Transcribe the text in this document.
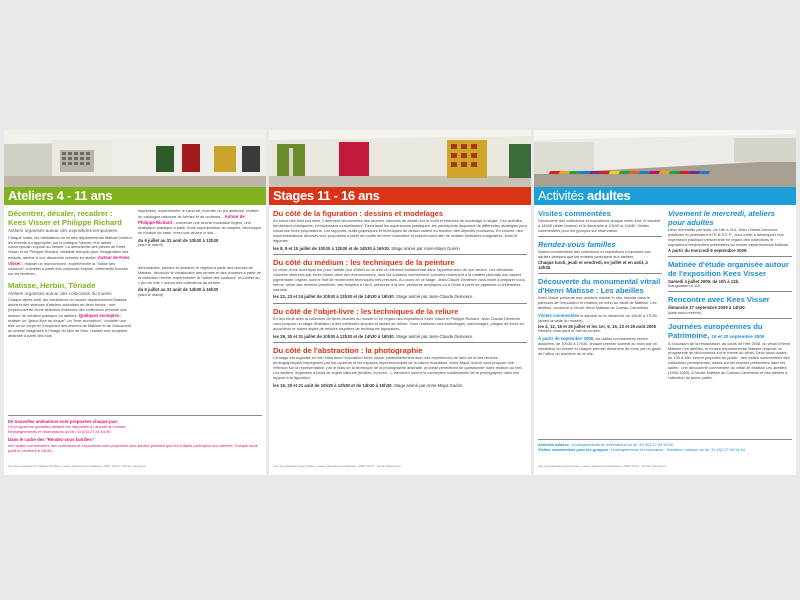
Ateliers 4 - 11 ans
Décentrer, décaler, recadrer : Kees Visser et Philippe Richard
Ateliers organisés autour des expositions temporaires
Chaque matin, les médiateurs du musée départemental Matisse invitent les enfants à s'approprier par la pratique l'œuvre d'un artiste contemporain exposé au musée. La découverte des pièces de Kees Visser et de Philippe Richard, véritable tremplin pour l'imagination des enfants, amène à une démarche créative en atelier. Autour de Kees Visser : réaliser un monochrome, expérimenter la "valise des couleurs", travailler à partir d'un protocole imposé, d'éléments trouvés sur les fenêtres...
Matisse, Herbin, Tériade
Ateliers organisés autour des collections du musée
Chaque après-midi, les médiateurs du musée départemental Matisse animent des séances d'ateliers articulées en deux temps : une (re)découverte d'une sélection d'œuvres des collections précède une séance de création plastique en ateliers. Quelques exemples : réaliser un "grand livre du cirque", un "livre-accordéon", modeler une tête ou un corps en s'inspirant des œuvres de Matisse et de Giacometti, un animal imaginaire à l'image du Mini de Miró, réaliser une sculpture abstraite à partir des bois
imprimées, expérimenter le Land art, inventer un jeu aléatoire, réaliser un catalogue raisonné de formes et de couleurs... Autour de Philippe Richard : concevoir une œuvre modulaire légère, une réalisation plastique à partir d'une superposition de calques, développer un module de base, créer une œuvre in situ...
du 6 juillet au 31 août de 10h30 à 12h30
(sauf le mardi)
débrodantes, peindre et dessiner le végétal à partir des œuvres de Matisse, découvrir le vocabulaire des formes et des couleurs à partir de la collection Herbin, expérimenter la "valise des couleurs" et s'initier au « jeu de l'oie » autour des collections du musée...
du 6 juillet au 31 août de 14h30 à 16h30
(sauf le mardi)
De nouvelles animations sont proposées chaque jour.
Un programme quotidien détaillé est disponible à l'accueil du musée.
Renseignements et réservations au tél. 03 (0)3 27 84 64 50
Dans le cadre des "Rendez-vous familles"
des visites commentées des collections et expositions sont proposées aux adultes pendant que les enfants participent aux ateliers. Chaque lundi, jeudi et vendredi à 14h30.
Vue de l'exposition de Philippe Richard, musée départemental Matisse, 2009. Photo : Florian Kleinefenn.
Stages 11 - 16 ans
Du côté de la figuration : dessins et modelages
Au cours des trois journées, il alternent découvertes des œuvres, séances de dessin sur le motif et séances de modelage à l'argile. Ces activités, étroitement imbriquées, s'enrichissent mutuellement. Favorisant les expériences plastiques, les participants disposent de différentes stratégies pour construire leurs propositions. Les supports, outils graphiques et techniques de dessin varient en fonction des objectifs poursuivis. En volume, des expérimentations diverses sont proposées à partir de motifs de terre chamottée et polychromes afin de réaliser bestiaires imaginaires, fruits et légumes.
les 8, 9 et 10 juillet de 10h30 à 12h30 et de 14h30 à 16h30. Stage animé par Anne-Maya Guérin
Du côté du médium : les techniques de la peinture
Le choix d'une technique est pour l'artiste (sur d'illiver ou la crée un élément fondamental dans l'appréhension de son œuvre. Les vibrations colorées obtenues par Kees Visser dans ses monochromes, dont les surfaces intensément colorées redonnent à la matière picturale son aspect pigmentaire originel, sont le fruit de recherches techniques très précises. Au cours de ce stage, Jean-Claude Demeure vous invite à préparer vous-même, selon des recettes primitives, des tempera à l'œuf, peintures à la cire, peintures acryliques ou à l'huile à partir de pigments et d'éléments naturels.
les 22, 23 et 24 juillet de 10h30 à 12h30 et de 14h30 à 16h30. Stage animé par Jean-Claude Demeure.
Du côté de l'objet-livre : les techniques de la reliure
En lien étroit avec la collection de livres illustrés du musée et en regard des expositions Kees Visser et Philippe Richard, Jean-Claude Demeure vous propose un stage d'initiation à des méthodes simples et faciles de reliure. Vous réaliserez des emboîtages, cartonnages, pliages de livres en accordéon et autres styles de reliures inspirées de techniques japonaises.
les 29, 30 et 31 juillet de 10h30 à 12h30 et de 14h30 à 16h30. Stage animé par Jean-Claude Demeure.
Du côté de l'abstraction : la photographie
Ce stage est organisé en lien étroit avec l'exposition Kees Visser, particulièrement avec ses expériences de land art et ses œuvres photographiques imprégnées par les couleurs et les espaces impressionnants de la nature islandaise. Anne-Maya Guérin vous propose une réflexion sur la représentation, par le biais de la technique de la photographie abstraite, procédé permettant de questionner notre relation au réel. Les ateliers, organisés à partir de sujets naturels (feuilles, écorces...), viendront nourrir la conception traditionnelle de la photographie dans son rapport à la figuration.
les 19, 20 et 21 août de 10h30 à 12h30 et de 14h30 à 16h30. Stage animé par Anne-Maya Guérin.
Vue de l'exposition Kees Visser, musée départemental Matisse, 2009. Photo : Florian Kleinefenn.
Activités adultes
Visites commentées
Découverte des collections et expositions chaque week-end, le samedi à 14h30 (visite foraine) et le dimanche à 10h30 et 14h30. Visites commentées pour les groupes sur réservation.
Rendez-vous familles
Visites commentées des collections et expositions proposées aux adultes pendant que les enfants participent aux ateliers.
Chaque lundi, jeudi et vendredi, en juillet et en août, à 14h30.
Découverte du monumental vitrail d'Henri Matisse : Les abeilles
Kees Visser présente une peinture murale in situ, inscrite dans le parcours de l'exposition et réalisée en écho au vitrail de Matisse, Les abeilles, conservé à l'école Henri Matisse du Cateau-Cambrésis.
Visites commentées le samedi ou le dimanche de 10h30 à 17h30 (après la visite du musée),
les 4, 12, 18 et 26 juillet et les 1er, 9, 15, 23 et 29 août 2009
Rendez-vous dans le hall du musée.
À partir de septembre 2009, les visites commentées seront assurées, de 10h30 à 17h30, chaque premier samedi du mois par un médiateur du musée et chaque premier dimanche du mois par un guide de l'office du tourisme de la ville.
Vivement le mercredi, ateliers pour adultes
Deux mercredis par mois, de 18h à 21h, Jean-Claude Demeure, plasticien et professeur à l'E.N.S.E.P., vous invite à développer une expression plastique personnelle en regard des collections et expositions temporaires présentées au musée départemental Matisse.
À partir du mercredi 9 septembre 2009.
Matinée d'étude organisée autour de l'exposition Kees Visser
Samedi 4 juillet 2009, de 10h à 12h.
Inauguration à 11h.
Rencontre avec Kees Visser
dimanche 27 septembre 2009 à 14h30
(date sous réserve)
Journées européennes du Patrimoine, 19 et 20 septembre 2009
À l'occasion de la restauration, au cours de l'été 2008, du vitrail d'Henri Matisse Les abeilles, le musée départemental Matisse propose un programme de découvertes sur le thème du vitrail. Deux jours durant, de 10h à 18h, seront proposés au public : des visites commentées des collections permanentes, axées sur les œuvres présentées dans les salles ; une découverte commentée du vitrail de Matisse Les abeilles (1954-1955), à l'école Matisse du Cateau-Cambrésis et des ateliers à l'attention du jeune public.
Activités adultes : renseignements et réservations au tél. 33 (0)3 27 84 64 50
Visites commentées pour les groupes : renseignements et réservation : Sandrine Labaeye au tél. 33 (0)3 27 84 64 54
Vue de l'exposition Kees Visser, musée départemental Matisse, 2009. Photo : Florian Kleinefenn.
